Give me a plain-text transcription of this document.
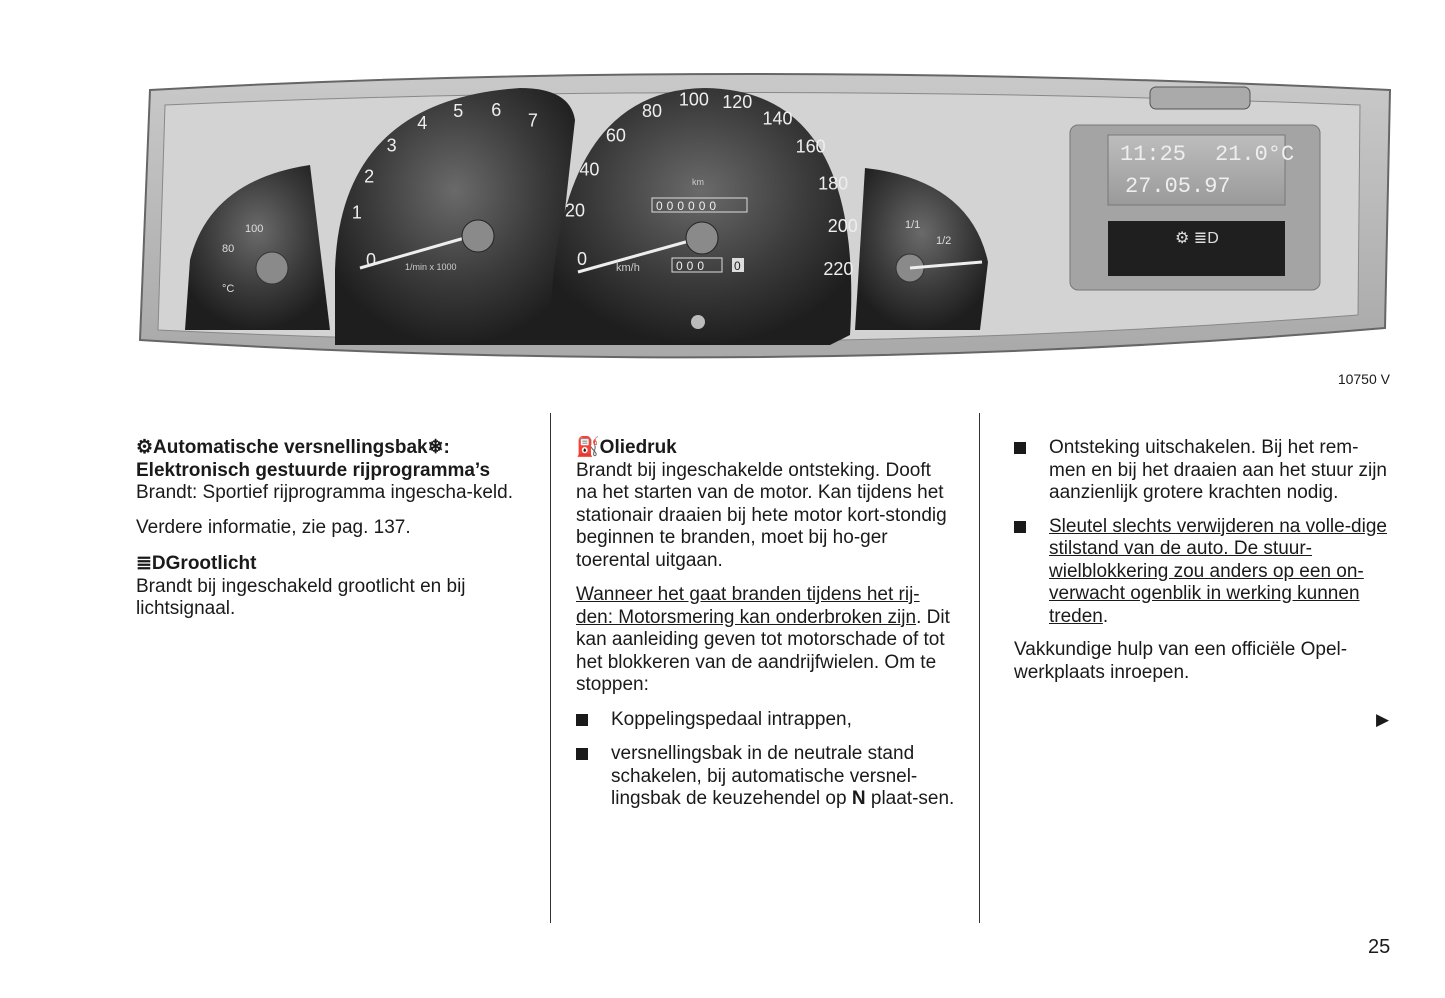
100
80
°C
1
2
3
4
5 6
7
0	1/min x 1000
20
40
60
80
100 120
140
160
180
200
220
km
000000
0	km/h	000 0
1/1
1/2
11:25 21.0°C
27.05.97
⚙ ≣D
10750 V
⚙Automatische versnellingsbak❄:
Elektronisch gestuurde rijprogramma’s

Brandt: Sportief rijprogramma ingescha-keld.

Verdere informatie, zie pag. 137.

≣DGrootlicht

Brandt bij ingeschakeld grootlicht en bij lichtsignaal.

⛽Oliedruk

Brandt bij ingeschakelde ontsteking. Dooft na het starten van de motor. Kan tijdens het stationair draaien bij hete motor kort-stondig beginnen te branden, moet bij ho-ger toerental uitgaan.

Wanneer het gaat branden tijdens het rij-den: Motorsmering kan onderbroken zijn. Dit kan aanleiding geven tot motorschade of tot het blokkeren van de aandrijfwielen. Om te stoppen:

Koppelingspedaal intrappen,
versnellingsbak in de neutrale stand schakelen, bij automatische versnel-lingsbak de keuzehendel op N plaat-sen.
Ontsteking uitschakelen. Bij het rem-men en bij het draaien aan het stuur zijn aanzienlijk grotere krachten nodig.
Sleutel slechts verwijderen na volle-dige stilstand van de auto. De stuur-wielblokkering zou anders op een on-verwacht ogenblik in werking kunnen treden.

Vakkundige hulp van een officiële Opel-werkplaats inroepen.

▶
25
